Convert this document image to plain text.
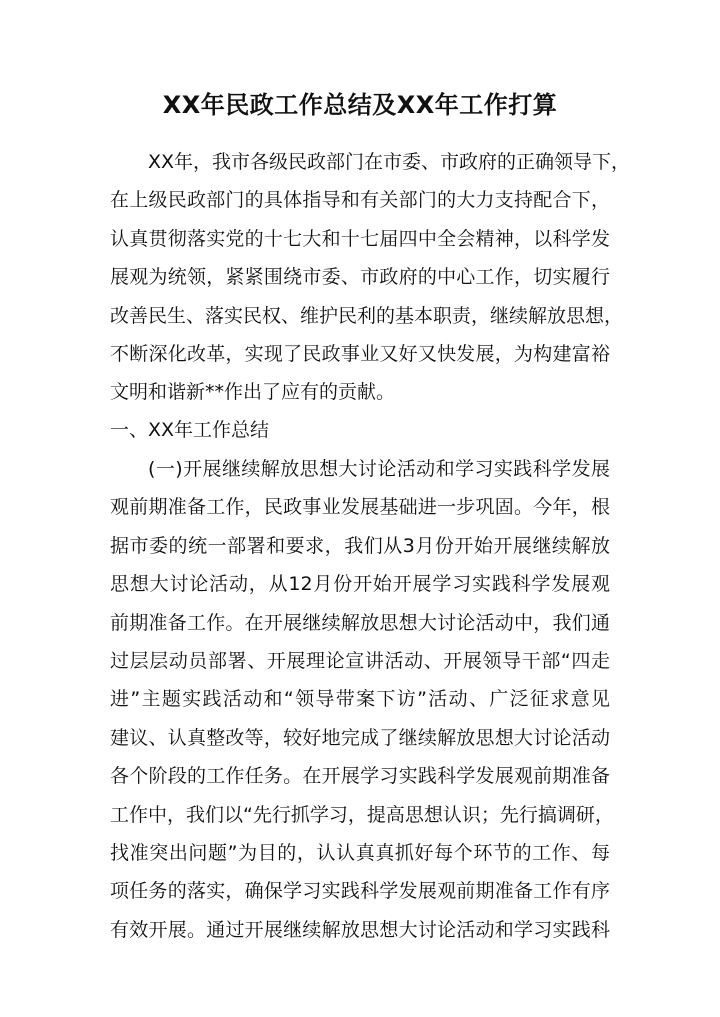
XX年民政工作总结及XX年工作打算
XX年，我市各级民政部门在市委、市政府的正确领导下，
在上级民政部门的具体指导和有关部门的大力支持配合下，
认真贯彻落实党的十七大和十七届四中全会精神，以科学发
展观为统领，紧紧围绕市委、市政府的中心工作，切实履行
改善民生、落实民权、维护民利的基本职责，继续解放思想，
不断深化改革，实现了民政事业又好又快发展，为构建富裕
文明和谐新**作出了应有的贡献。
一、XX年工作总结
(一)开展继续解放思想大讨论活动和学习实践科学发展
观前期准备工作，民政事业发展基础进一步巩固。今年，根
据市委的统一部署和要求，我们从3月份开始开展继续解放
思想大讨论活动，从12月份开始开展学习实践科学发展观
前期准备工作。在开展继续解放思想大讨论活动中，我们通
过层层动员部署、开展理论宣讲活动、开展领导干部“四走
进”主题实践活动和“领导带案下访”活动、广泛征求意见
建议、认真整改等，较好地完成了继续解放思想大讨论活动
各个阶段的工作任务。在开展学习实践科学发展观前期准备
工作中，我们以“先行抓学习，提高思想认识；先行搞调研，
找准突出问题”为目的，认认真真抓好每个环节的工作、每
项任务的落实，确保学习实践科学发展观前期准备工作有序
有效开展。通过开展继续解放思想大讨论活动和学习实践科
